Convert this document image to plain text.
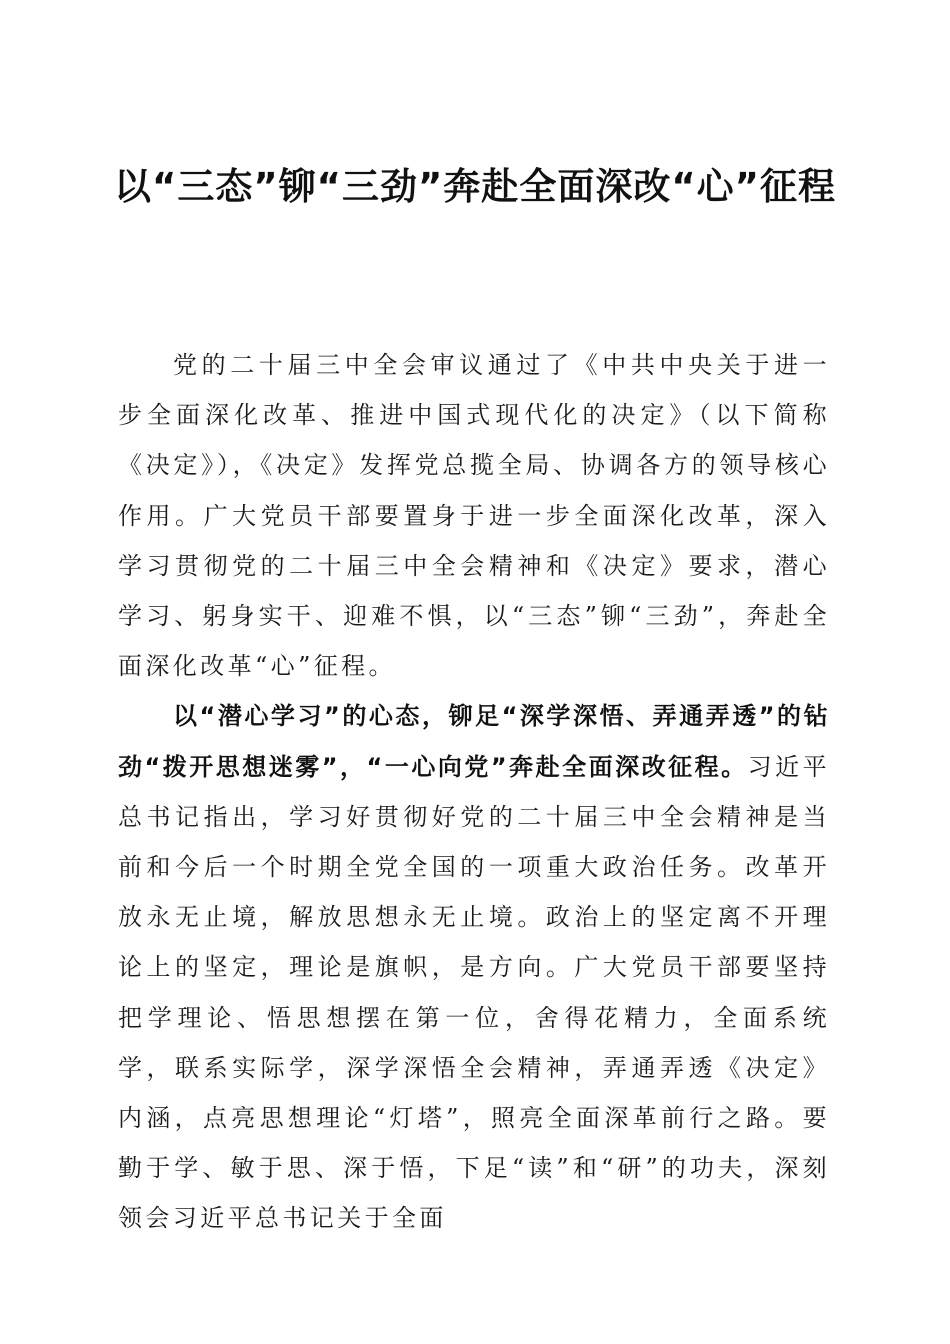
以“三态”铆“三劲”奔赴全面深改“心”征程

党的二十届三中全会审议通过了《中共中央关于进一步全面深化改革、推进中国式现代化的决定》（以下简称《决定》），《决定》发挥党总揽全局、协调各方的领导核心作用。广大党员干部要置身于进一步全面深化改革，深入学习贯彻党的二十届三中全会精神和《决定》要求，潜心学习、躬身实干、迎难不惧，以“三态”铆“三劲”，奔赴全面深化改革“心”征程。

以“潜心学习”的心态，铆足“深学深悟、弄通弄透”的钻劲“拨开思想迷雾”，“一心向党”奔赴全面深改征程。习近平总书记指出，学习好贯彻好党的二十届三中全会精神是当前和今后一个时期全党全国的一项重大政治任务。改革开放永无止境，解放思想永无止境。政治上的坚定离不开理论上的坚定，理论是旗帜，是方向。广大党员干部要坚持把学理论、悟思想摆在第一位，舍得花精力，全面系统学，联系实际学，深学深悟全会精神，弄通弄透《决定》内涵，点亮思想理论“灯塔”，照亮全面深革前行之路。要勤于学、敏于思、深于悟，下足“读”和“研”的功夫，深刻领会习近平总书记关于全面
